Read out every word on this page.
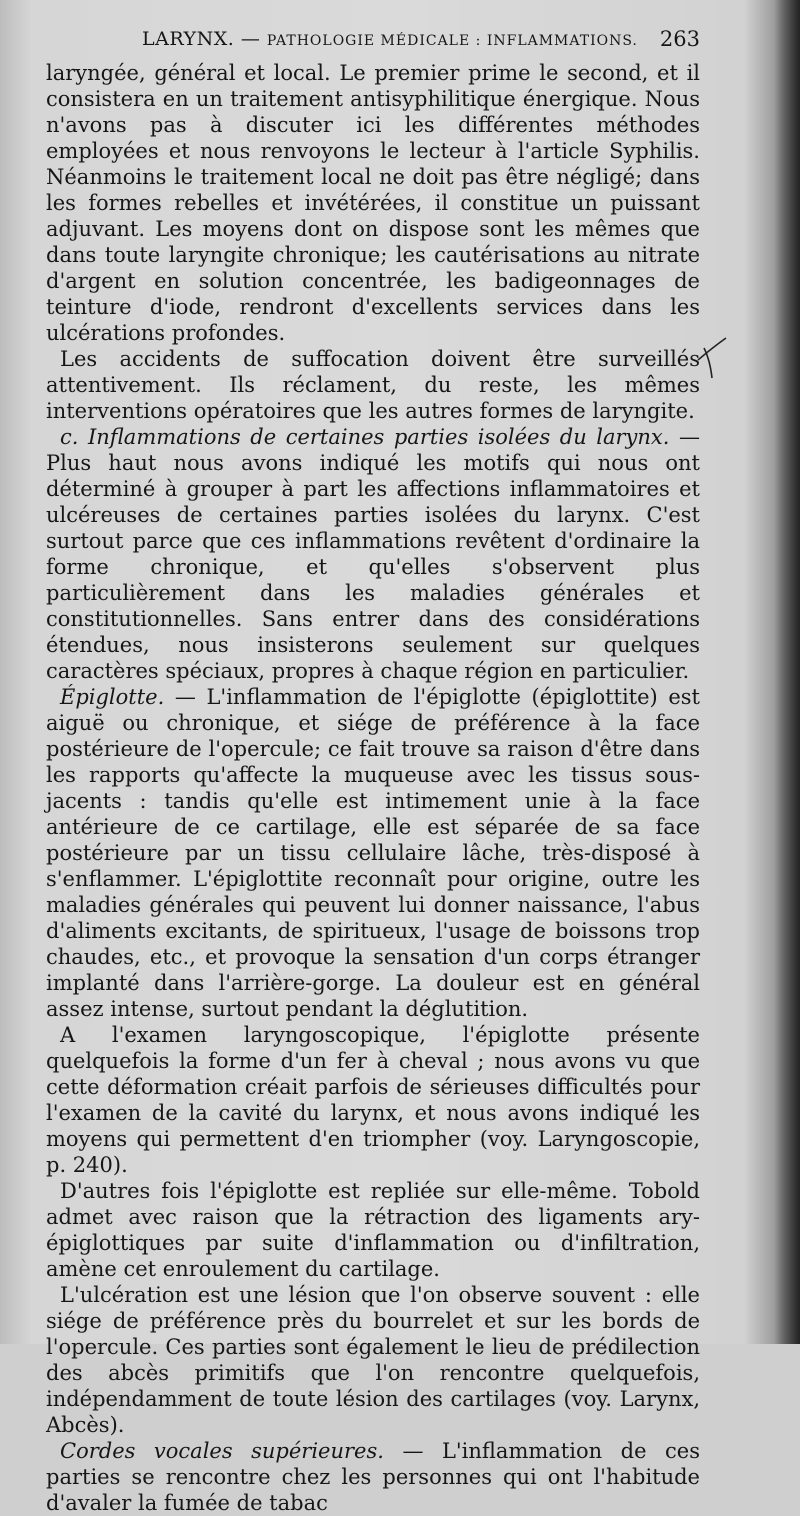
LARYNX. — PATHOLOGIE MÉDICALE : INFLAMMATIONS. 263

laryngée, général et local. Le premier prime le second, et il consistera en un traitement antisyphilitique énergique. Nous n'avons pas à discuter ici les différentes méthodes employées et nous renvoyons le lecteur à l'article Syphilis. Néanmoins le traitement local ne doit pas être négligé; dans les formes rebelles et invétérées, il constitue un puissant adjuvant. Les moyens dont on dispose sont les mêmes que dans toute laryngite chronique; les cautérisations au nitrate d'argent en solution concentrée, les badigeonnages de teinture d'iode, rendront d'excellents services dans les ulcérations profondes.

Les accidents de suffocation doivent être surveillés attentivement. Ils réclament, du reste, les mêmes interventions opératoires que les autres formes de laryngite.

c. Inflammations de certaines parties isolées du larynx. — Plus haut nous avons indiqué les motifs qui nous ont déterminé à grouper à part les affections inflammatoires et ulcéreuses de certaines parties isolées du larynx. C'est surtout parce que ces inflammations revêtent d'ordinaire la forme chronique, et qu'elles s'observent plus particulièrement dans les maladies générales et constitutionnelles. Sans entrer dans des considérations étendues, nous insisterons seulement sur quelques caractères spéciaux, propres à chaque région en particulier.

Épiglotte. — L'inflammation de l'épiglotte (épiglottite) est aiguë ou chronique, et siége de préférence à la face postérieure de l'opercule; ce fait trouve sa raison d'être dans les rapports qu'affecte la muqueuse avec les tissus sous-jacents : tandis qu'elle est intimement unie à la face antérieure de ce cartilage, elle est séparée de sa face postérieure par un tissu cellulaire lâche, très-disposé à s'enflammer. L'épiglottite reconnaît pour origine, outre les maladies générales qui peuvent lui donner naissance, l'abus d'aliments excitants, de spiritueux, l'usage de boissons trop chaudes, etc., et provoque la sensation d'un corps étranger implanté dans l'arrière-gorge. La douleur est en général assez intense, surtout pendant la déglutition.

A l'examen laryngoscopique, l'épiglotte présente quelquefois la forme d'un fer à cheval ; nous avons vu que cette déformation créait parfois de sérieuses difficultés pour l'examen de la cavité du larynx, et nous avons indiqué les moyens qui permettent d'en triompher (voy. Laryngoscopie, p. 240).

D'autres fois l'épiglotte est repliée sur elle-même. Tobold admet avec raison que la rétraction des ligaments ary-épiglottiques par suite d'inflammation ou d'infiltration, amène cet enroulement du cartilage.

L'ulcération est une lésion que l'on observe souvent : elle siége de préférence près du bourrelet et sur les bords de l'opercule. Ces parties sont également le lieu de prédilection des abcès primitifs que l'on rencontre quelquefois, indépendamment de toute lésion des cartilages (voy. Larynx, Abcès).

Cordes vocales supérieures. — L'inflammation de ces parties se rencontre chez les personnes qui ont l'habitude d'avaler la fumée de tabac
